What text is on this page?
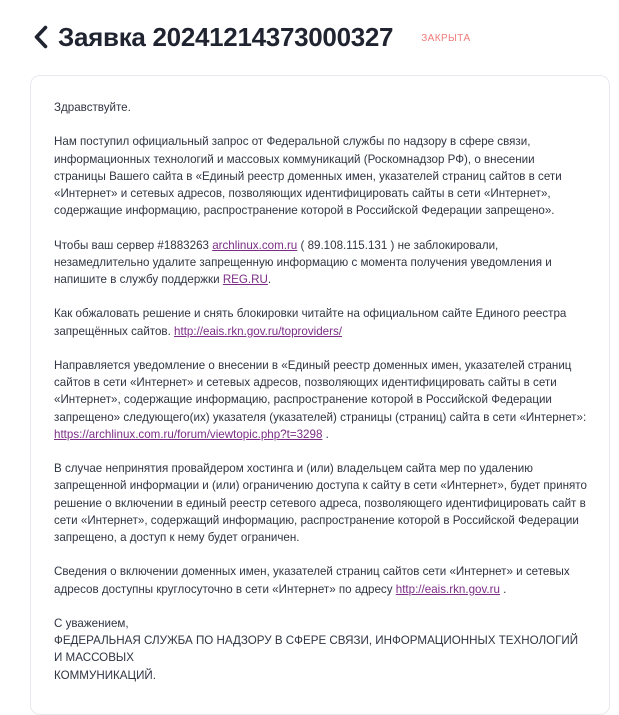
Заявка 20241214373000327	ЗАКРЫТА

Здравствуйте.

Нам поступил официальный запрос от Федеральной службы по надзору в сфере связи, информационных технологий и массовых коммуникаций (Роскомнадзор РФ), о внесении страницы Вашего сайта в «Единый реестр доменных имен, указателей страниц сайтов в сети «Интернет» и сетевых адресов, позволяющих идентифицировать сайты в сети «Интернет», содержащие информацию, распространение которой в Российской Федерации запрещено».

Чтобы ваш сервер #1883263 archlinux.com.ru ( 89.108.115.131 ) не заблокировали, незамедлительно удалите запрещенную информацию с момента получения уведомления и напишите в службу поддержки REG.RU.

Как обжаловать решение и снять блокировки читайте на официальном сайте Единого реестра запрещённых сайтов. http://eais.rkn.gov.ru/toproviders/

Направляется уведомление о внесении в «Единый реестр доменных имен, указателей страниц сайтов в сети «Интернет» и сетевых адресов, позволяющих идентифицировать сайты в сети «Интернет», содержащие информацию, распространение которой в Российской Федерации запрещено» следующего(их) указателя (указателей) страницы (страниц) сайта в сети «Интернет»: https://archlinux.com.ru/forum/viewtopic.php?t=3298 .

В случае непринятия провайдером хостинга и (или) владельцем сайта мер по удалению запрещенной информации и (или) ограничению доступа к сайту в сети «Интернет», будет принято решение о включении в единый реестр сетевого адреса, позволяющего идентифицировать сайт в сети «Интернет», содержащий информацию, распространение которой в Российской Федерации запрещено, а доступ к нему будет ограничен.

Сведения о включении доменных имен, указателей страниц сайтов сети «Интернет» и сетевых адресов доступны круглосуточно в сети «Интернет» по адресу http://eais.rkn.gov.ru .

С уважением,
ФЕДЕРАЛЬНАЯ СЛУЖБА ПО НАДЗОРУ В СФЕРЕ СВЯЗИ, ИНФОРМАЦИОННЫХ ТЕХНОЛОГИЙ И МАССОВЫХ
КОММУНИКАЦИЙ.
